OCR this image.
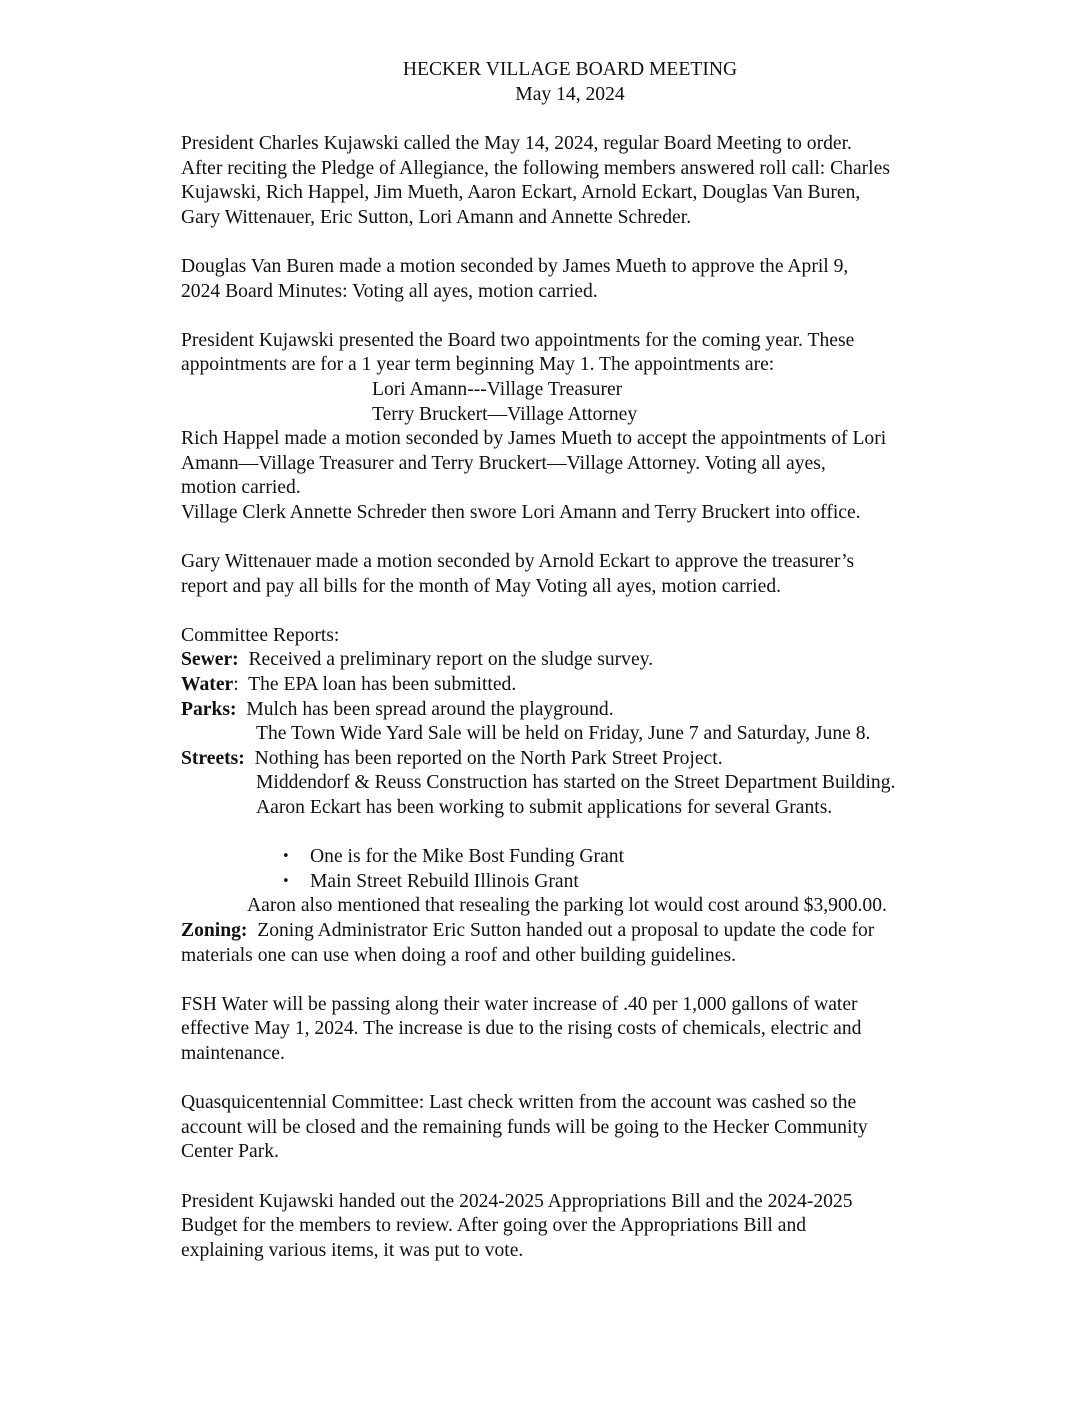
HECKER VILLAGE BOARD MEETING
May 14, 2024

President Charles Kujawski called the May 14, 2024, regular Board Meeting to order.
After reciting the Pledge of Allegiance, the following members answered roll call: Charles
Kujawski, Rich Happel, Jim Mueth, Aaron Eckart, Arnold Eckart, Douglas Van Buren,
Gary Wittenauer, Eric Sutton, Lori Amann and Annette Schreder.

Douglas Van Buren made a motion seconded by James Mueth to approve the April 9,
2024 Board Minutes: Voting all ayes, motion carried.

President Kujawski presented the Board two appointments for the coming year. These
appointments are for a 1 year term beginning May 1. The appointments are:
Lori Amann---Village Treasurer
Terry Bruckert—Village Attorney
Rich Happel made a motion seconded by James Mueth to accept the appointments of Lori
Amann—Village Treasurer and Terry Bruckert—Village Attorney. Voting all ayes,
motion carried.
Village Clerk Annette Schreder then swore Lori Amann and Terry Bruckert into office.

Gary Wittenauer made a motion seconded by Arnold Eckart to approve the treasurer’s
report and pay all bills for the month of May Voting all ayes, motion carried.

Committee Reports:
Sewer:  Received a preliminary report on the sludge survey.
Water:  The EPA loan has been submitted.
Parks:  Mulch has been spread around the playground.
The Town Wide Yard Sale will be held on Friday, June 7 and Saturday, June 8.
Streets:  Nothing has been reported on the North Park Street Project.
Middendorf & Reuss Construction has started on the Street Department Building.
Aaron Eckart has been working to submit applications for several Grants.

• One is for the Mike Bost Funding Grant
• Main Street Rebuild Illinois Grant
Aaron also mentioned that resealing the parking lot would cost around $3,900.00.
Zoning:  Zoning Administrator Eric Sutton handed out a proposal to update the code for
materials one can use when doing a roof and other building guidelines.

FSH Water will be passing along their water increase of .40 per 1,000 gallons of water
effective May 1, 2024. The increase is due to the rising costs of chemicals, electric and
maintenance.

Quasquicentennial Committee: Last check written from the account was cashed so the
account will be closed and the remaining funds will be going to the Hecker Community
Center Park.

President Kujawski handed out the 2024-2025 Appropriations Bill and the 2024-2025
Budget for the members to review. After going over the Appropriations Bill and
explaining various items, it was put to vote.
